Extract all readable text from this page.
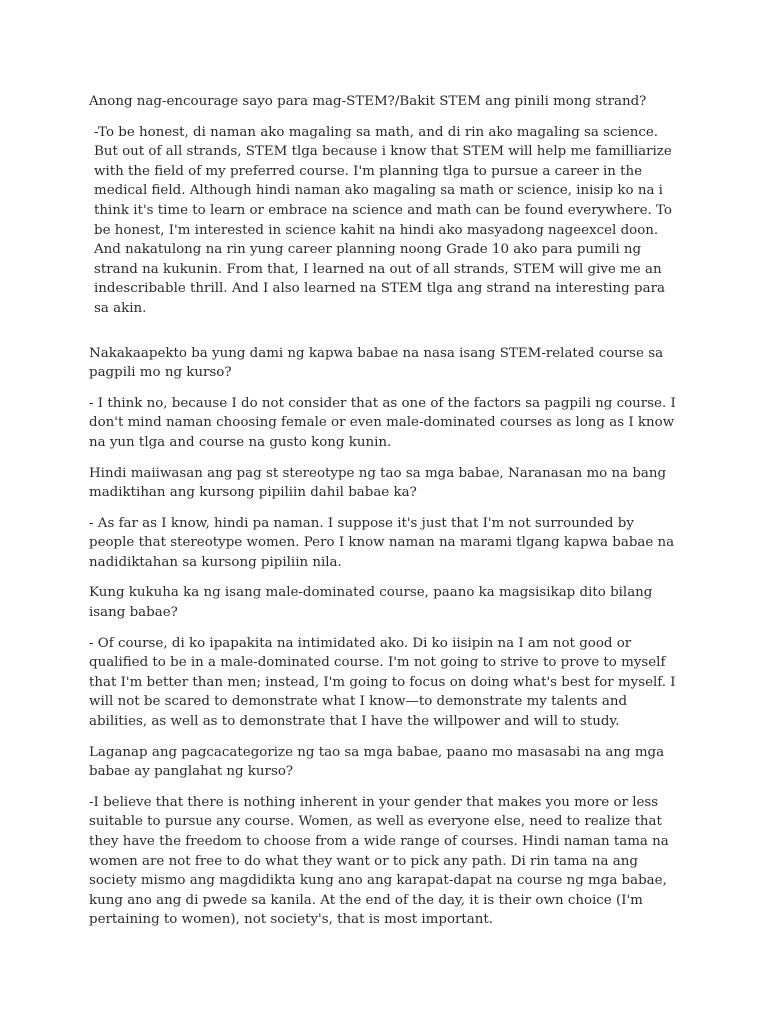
Anong nag-encourage sayo para mag-STEM?/Bakit STEM ang pinili mong strand?

-To be honest, di naman ako magaling sa math, and di rin ako magaling sa science. But out of all strands, STEM tlga because i know that STEM will help me familliarize with the field of my preferred course. I'm planning tlga to pursue a career in the medical field. Although hindi naman ako magaling sa math or science, inisip ko na i think it's time to learn or embrace na science and math can be found everywhere. To be honest, I'm interested in science kahit na hindi ako masyadong nageexcel doon. And nakatulong na rin yung career planning noong Grade 10 ako para pumili ng strand na kukunin. From that, I learned na out of all strands, STEM will give me an indescribable thrill. And I also learned na STEM tlga ang strand na interesting para sa akin.

Nakakaapekto ba yung dami ng kapwa babae na nasa isang STEM-related course sa pagpili mo ng kurso?

- I think no, because I do not consider that as one of the factors sa pagpili ng course. I don't mind naman choosing female or even male-dominated courses as long as I know na yun tlga and course na gusto kong kunin.

Hindi maiiwasan ang pag st stereotype ng tao sa mga babae, Naranasan mo na bang madiktihan ang kursong pipiliin dahil babae ka?

- As far as I know, hindi pa naman. I suppose it's just that I'm not surrounded by people that stereotype women. Pero I know naman na marami tlgang kapwa babae na nadidiktahan sa kursong pipiliin nila.

Kung kukuha ka ng isang male-dominated course, paano ka magsisikap dito bilang isang babae?

- Of course, di ko ipapakita na intimidated ako. Di ko iisipin na I am not good or qualified to be in a male-dominated course. I'm not going to strive to prove to myself that I'm better than men; instead, I'm going to focus on doing what's best for myself. I will not be scared to demonstrate what I know—to demonstrate my talents and abilities, as well as to demonstrate that I have the willpower and will to study.

Laganap ang pagcacategorize ng tao sa mga babae, paano mo masasabi na ang mga babae ay panglahat ng kurso?

-I believe that there is nothing inherent in your gender that makes you more or less suitable to pursue any course. Women, as well as everyone else, need to realize that they have the freedom to choose from a wide range of courses. Hindi naman tama na women are not free to do what they want or to pick any path. Di rin tama na ang society mismo ang magdidikta kung ano ang karapat-dapat na course ng mga babae, kung ano ang di pwede sa kanila. At the end of the day, it is their own choice (I'm pertaining to women), not society's, that is most important.
